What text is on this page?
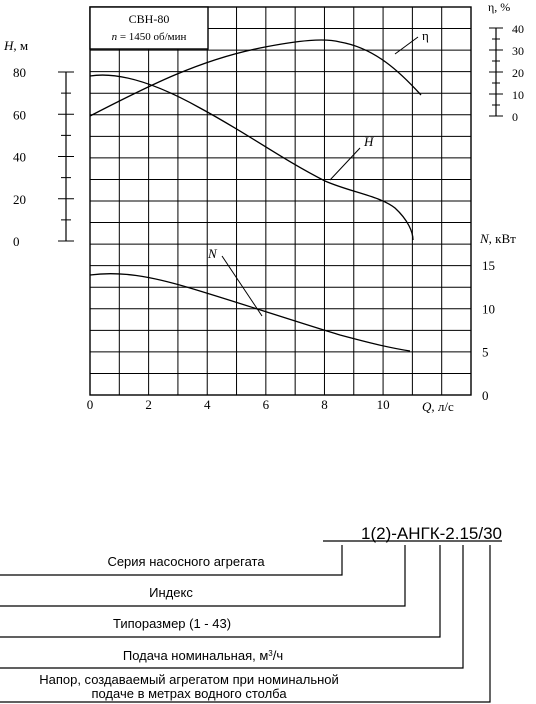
СВН-80
n = 1450 об/мин
80
60
40
20
0
H, м
40
30
20
10
0
η, %
15
10
5
0
N, кВт
0	2	4	6	8	10 Q, л/с
η
H
N
1(2)-АНГК-2.15/30
Серия насосного агрегата
Индекс
Типоразмер (1 - 43)
Подача номинальная, $м^3/ч$
Напор, создаваемый агрегатом при номинальной
подаче в метрах водного столба
